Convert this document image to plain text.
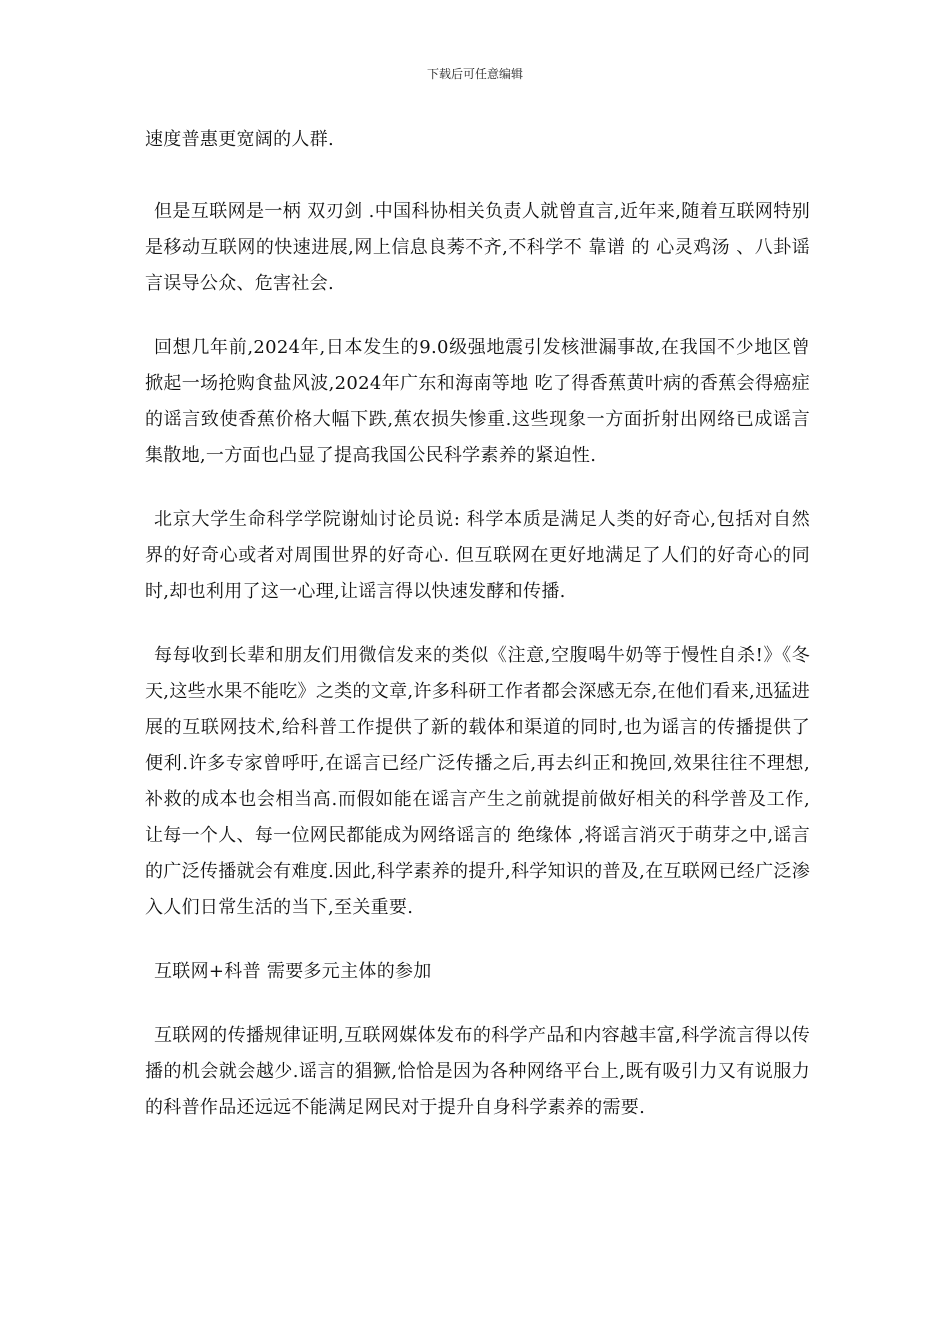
下载后可任意编辑

速度普惠更宽阔的人群.

但是互联网是一柄 双刃剑 .中国科协相关负责人就曾直言,近年来,随着互联网特别是移动互联网的快速进展,网上信息良莠不齐,不科学不 靠谱 的 心灵鸡汤 、八卦谣言误导公众、危害社会.

回想几年前,2024年,日本发生的9.0级强地震引发核泄漏事故,在我国不少地区曾掀起一场抢购食盐风波,2024年广东和海南等地 吃了得香蕉黄叶病的香蕉会得癌症 的谣言致使香蕉价格大幅下跌,蕉农损失惨重.这些现象一方面折射出网络已成谣言集散地,一方面也凸显了提高我国公民科学素养的紧迫性.

北京大学生命科学学院谢灿讨论员说: 科学本质是满足人类的好奇心,包括对自然界的好奇心或者对周围世界的好奇心. 但互联网在更好地满足了人们的好奇心的同时,却也利用了这一心理,让谣言得以快速发酵和传播.

每每收到长辈和朋友们用微信发来的类似《注意,空腹喝牛奶等于慢性自杀!》《冬天,这些水果不能吃》之类的文章,许多科研工作者都会深感无奈,在他们看来,迅猛进展的互联网技术,给科普工作提供了新的载体和渠道的同时,也为谣言的传播提供了便利.许多专家曾呼吁,在谣言已经广泛传播之后,再去纠正和挽回,效果往往不理想,补救的成本也会相当高.而假如能在谣言产生之前就提前做好相关的科学普及工作,让每一个人、每一位网民都能成为网络谣言的 绝缘体 ,将谣言消灭于萌芽之中,谣言的广泛传播就会有难度.因此,科学素养的提升,科学知识的普及,在互联网已经广泛渗入人们日常生活的当下,至关重要.

互联网+科普 需要多元主体的参加

互联网的传播规律证明,互联网媒体发布的科学产品和内容越丰富,科学流言得以传播的机会就会越少.谣言的猖獗,恰恰是因为各种网络平台上,既有吸引力又有说服力的科普作品还远远不能满足网民对于提升自身科学素养的需要.
